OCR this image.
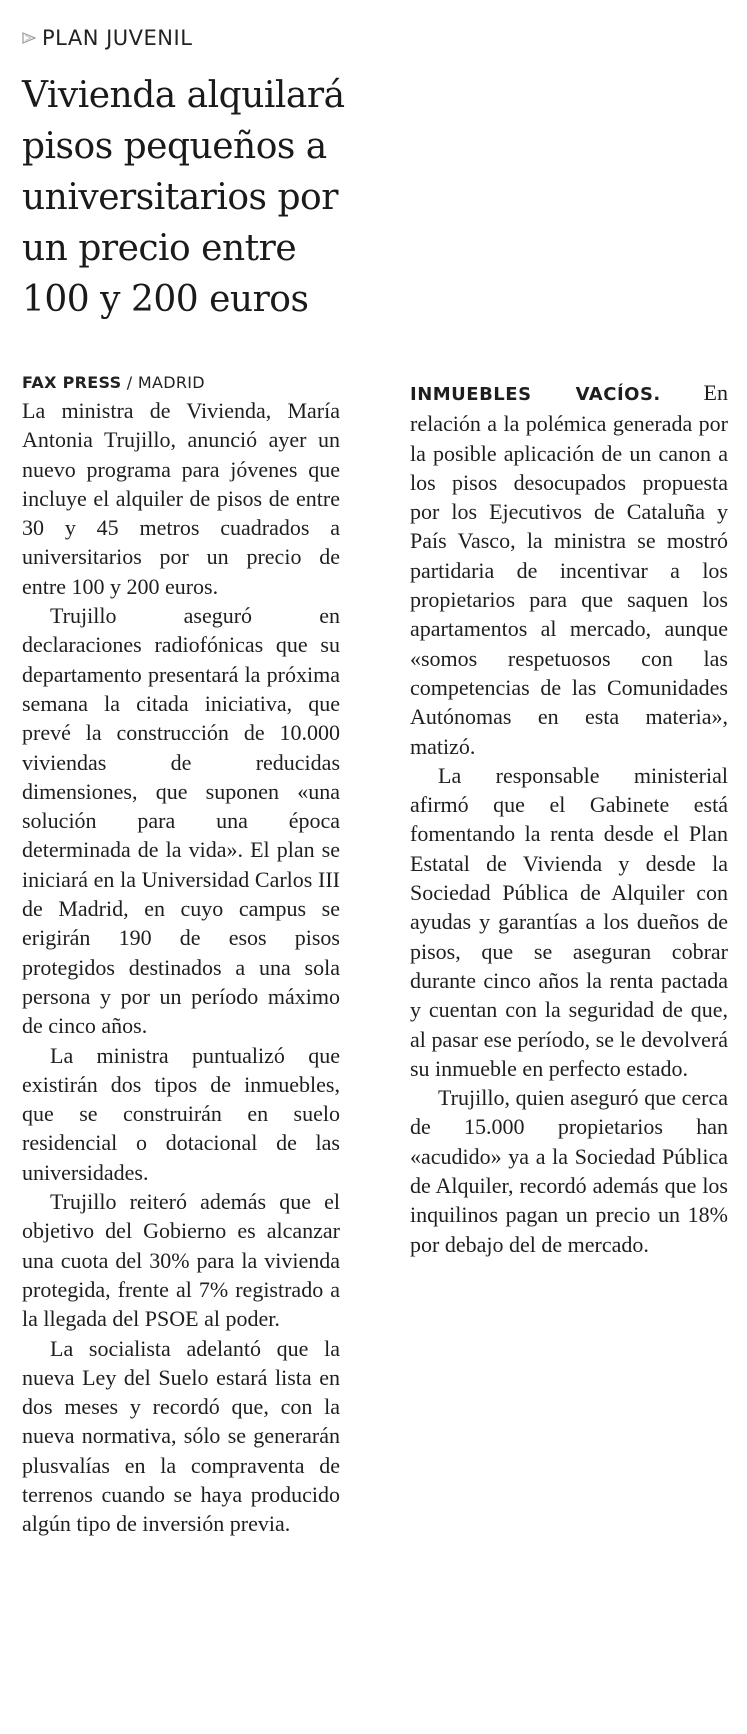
PLAN JUVENIL
Vivienda alquilará pisos pequeños a universitarios por un precio entre 100 y 200 euros
FAX PRESS / MADRID

La ministra de Vivienda, María Antonia Trujillo, anunció ayer un nuevo programa para jóvenes que incluye el alquiler de pisos de entre 30 y 45 metros cuadrados a universitarios por un precio de entre 100 y 200 euros.

Trujillo aseguró en declaraciones radiofónicas que su departamento presentará la próxima semana la citada iniciativa, que prevé la construcción de 10.000 viviendas de reducidas dimensiones, que suponen «una solución para una época determinada de la vida». El plan se iniciará en la Universidad Carlos III de Madrid, en cuyo campus se erigirán 190 de esos pisos protegidos destinados a una sola persona y por un período máximo de cinco años.

La ministra puntualizó que existirán dos tipos de inmuebles, que se construirán en suelo residencial o dotacional de las universidades.

Trujillo reiteró además que el objetivo del Gobierno es alcanzar una cuota del 30% para la vivienda protegida, frente al 7% registrado a la llegada del PSOE al poder.

La socialista adelantó que la nueva Ley del Suelo estará lista en dos meses y recordó que, con la nueva normativa, sólo se generarán plusvalías en la compraventa de terrenos cuando se haya producido algún tipo de inversión previa.

INMUEBLES VACÍOS. En relación a la polémica generada por la posible aplicación de un canon a los pisos desocupados propuesta por los Ejecutivos de Cataluña y País Vasco, la ministra se mostró partidaria de incentivar a los propietarios para que saquen los apartamentos al mercado, aunque «somos respetuosos con las competencias de las Comunidades Autónomas en esta materia», matizó.

La responsable ministerial afirmó que el Gabinete está fomentando la renta desde el Plan Estatal de Vivienda y desde la Sociedad Pública de Alquiler con ayudas y garantías a los dueños de pisos, que se aseguran cobrar durante cinco años la renta pactada y cuentan con la seguridad de que, al pasar ese período, se le devolverá su inmueble en perfecto estado.

Trujillo, quien aseguró que cerca de 15.000 propietarios han «acudido» ya a la Sociedad Pública de Alquiler, recordó además que los inquilinos pagan un precio un 18% por debajo del de mercado.
